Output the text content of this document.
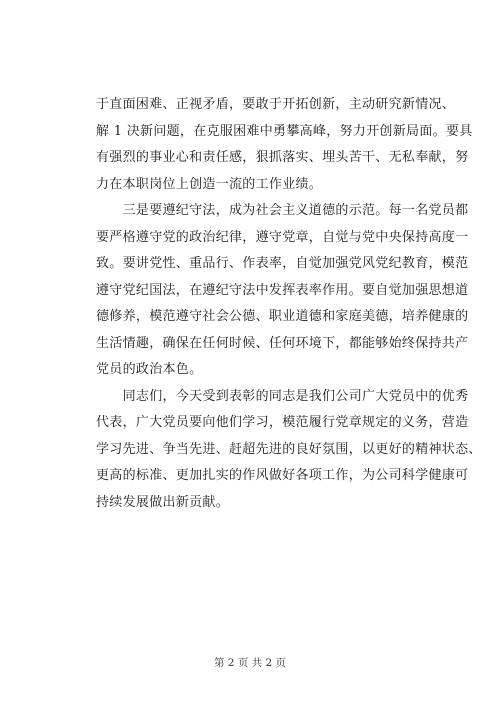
于直面困难、正视矛盾，要敢于开拓创新，主动研究新情况、
解 1 决新问题，在克服困难中勇攀高峰，努力开创新局面。要具
有强烈的事业心和责任感，狠抓落实、埋头苦干、无私奉献，努
力在本职岗位上创造一流的工作业绩。
　　三是要遵纪守法，成为社会主义道德的示范。每一名党员都
要严格遵守党的政治纪律，遵守党章，自觉与党中央保持高度一
致。要讲党性、重品行、作表率，自觉加强党风党纪教育，模范
遵守党纪国法，在遵纪守法中发挥表率作用。要自觉加强思想道
德修养，模范遵守社会公德、职业道德和家庭美德，培养健康的
生活情趣，确保在任何时候、任何环境下，都能够始终保持共产
党员的政治本色。
　　同志们，今天受到表彰的同志是我们公司广大党员中的优秀
代表，广大党员要向他们学习，模范履行党章规定的义务，营造
学习先进、争当先进、赶超先进的良好氛围，以更好的精神状态、
更高的标准、更加扎实的作风做好各项工作，为公司科学健康可
持续发展做出新贡献。
第 2 页 共 2 页
